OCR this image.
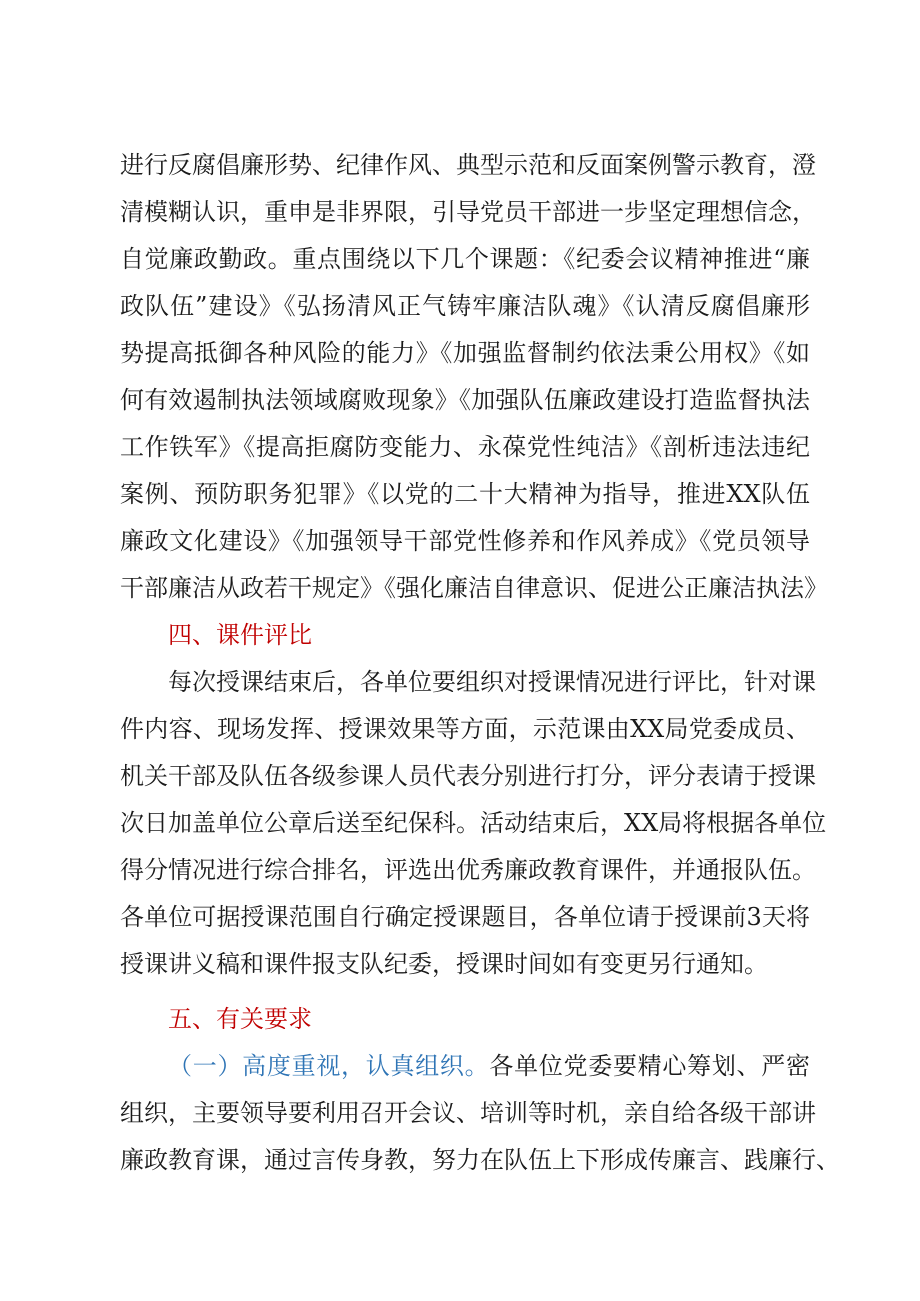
进行反腐倡廉形势、纪律作风、典型示范和反面案例警示教育，澄
清模糊认识，重申是非界限，引导党员干部进一步坚定理想信念，
自觉廉政勤政。重点围绕以下几个课题：《纪委会议精神推进“廉
政队伍”建设》《弘扬清风正气铸牢廉洁队魂》《认清反腐倡廉形
势提高抵御各种风险的能力》《加强监督制约依法秉公用权》《如
何有效遏制执法领域腐败现象》《加强队伍廉政建设打造监督执法
工作铁军》《提高拒腐防变能力、永葆党性纯洁》《剖析违法违纪
案例、预防职务犯罪》《以党的二十大精神为指导，推进XX队伍
廉政文化建设》《加强领导干部党性修养和作风养成》《党员领导
干部廉洁从政若干规定》《强化廉洁自律意识、促进公正廉洁执法》
四、课件评比
每次授课结束后，各单位要组织对授课情况进行评比，针对课
件内容、现场发挥、授课效果等方面，示范课由XX局党委成员、
机关干部及队伍各级参课人员代表分别进行打分，评分表请于授课
次日加盖单位公章后送至纪保科。活动结束后，XX局将根据各单位
得分情况进行综合排名，评选出优秀廉政教育课件，并通报队伍。
各单位可据授课范围自行确定授课题目，各单位请于授课前3天将
授课讲义稿和课件报支队纪委，授课时间如有变更另行通知。
五、有关要求
（一）高度重视，认真组织。各单位党委要精心筹划、严密
组织，主要领导要利用召开会议、培训等时机，亲自给各级干部讲
廉政教育课，通过言传身教，努力在队伍上下形成传廉言、践廉行、
